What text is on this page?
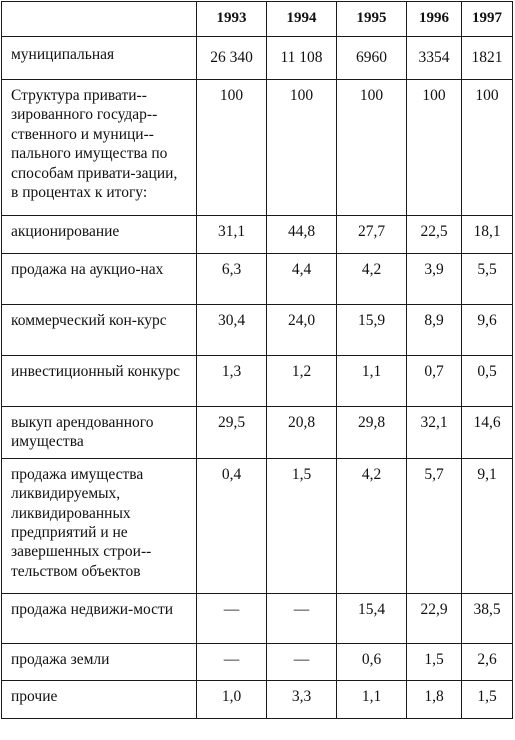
	1993	1994	1995	1996	1997
муниципальная	26 340	11 108	6960	3354	1821
Структура привати-зированного государ-ственного и муници-пального имущества по способам привати-зации, в процентах к итогу:	100	100	100	100	100
акционирование	31,1	44,8	27,7	22,5	18,1
продажа на аукцио-нах	6,3	4,4	4,2	3,9	5,5
коммерческий кон-курс	30,4	24,0	15,9	8,9	9,6
инвестиционный конкурс	1,3	1,2	1,1	0,7	0,5
выкуп арендованного имущества	29,5	20,8	29,8	32,1	14,6
продажа имущества ликвидируемых, ликвидированных предприятий и не завершенных строи-тельством объектов	0,4	1,5	4,2	5,7	9,1
продажа недвижи-мости	—	—	15,4	22,9	38,5
продажа земли	—	—	0,6	1,5	2,6
прочие	1,0	3,3	1,1	1,8	1,5
